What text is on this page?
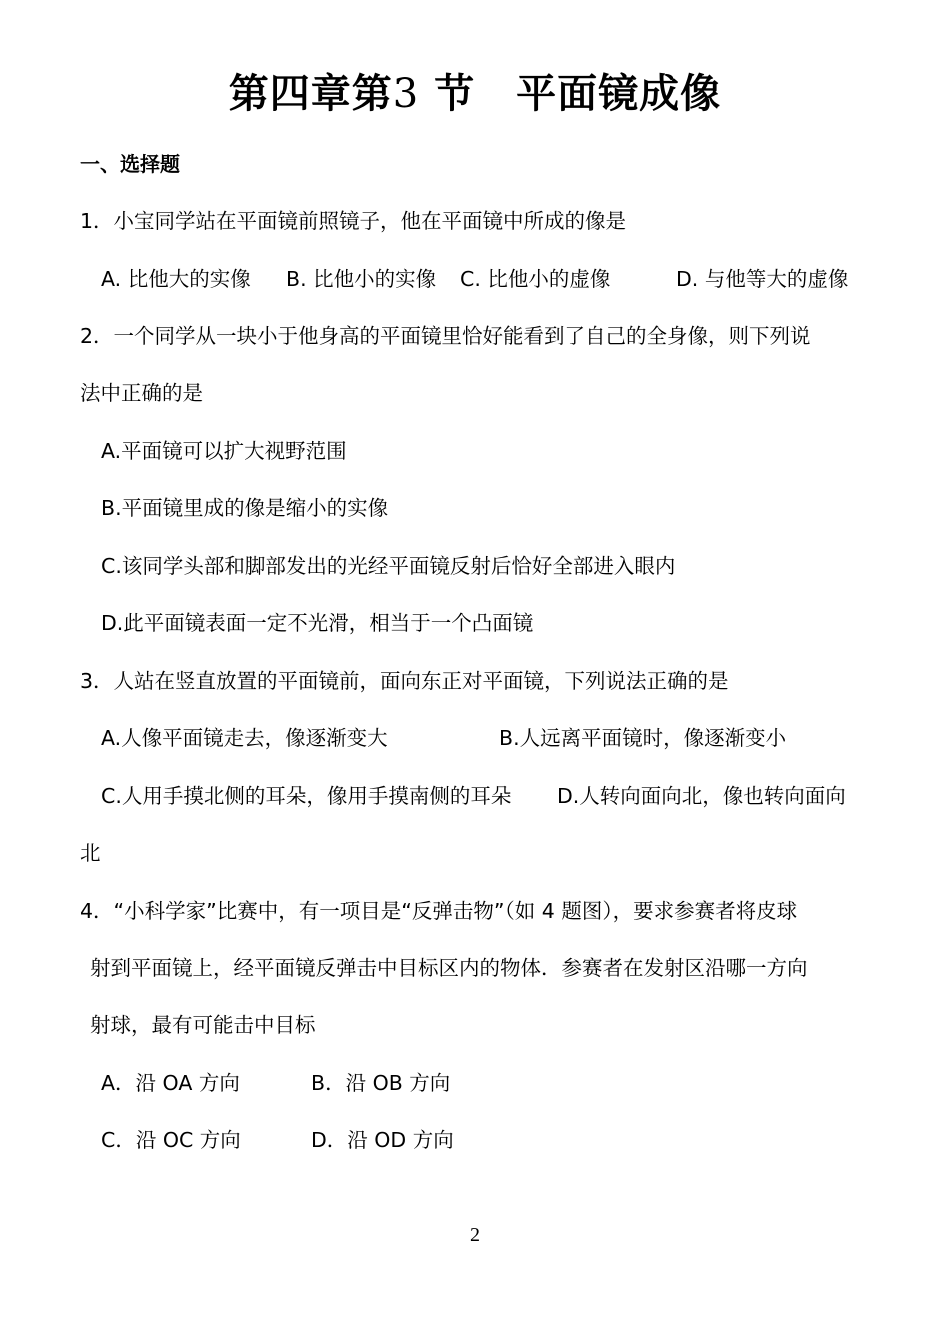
第四章第3 节　平面镜成像
一、选择题
1．小宝同学站在平面镜前照镜子，他在平面镜中所成的像是
A. 比他大的实像 B. 比他小的实像 C. 比他小的虚像	D. 与他等大的虚像
2．一个同学从一块小于他身高的平面镜里恰好能看到了自己的全身像，则下列说
法中正确的是
A.平面镜可以扩大视野范围
B.平面镜里成的像是缩小的实像
C.该同学头部和脚部发出的光经平面镜反射后恰好全部进入眼内
D.此平面镜表面一定不光滑，相当于一个凸面镜
3．人站在竖直放置的平面镜前，面向东正对平面镜，下列说法正确的是
A.人像平面镜走去，像逐渐变大	B.人远离平面镜时，像逐渐变小
C.人用手摸北侧的耳朵，像用手摸南侧的耳朵 D.人转向面向北，像也转向面向
北
4．“小科学家”比赛中，有一项目是“反弹击物”（如 4 题图），要求参赛者将皮球
射到平面镜上，经平面镜反弹击中目标区内的物体．参赛者在发射区沿哪一方向
射球，最有可能击中目标
A．沿 OA 方向	B．沿 OB 方向
C．沿 OC 方向	D．沿 OD 方向
2
